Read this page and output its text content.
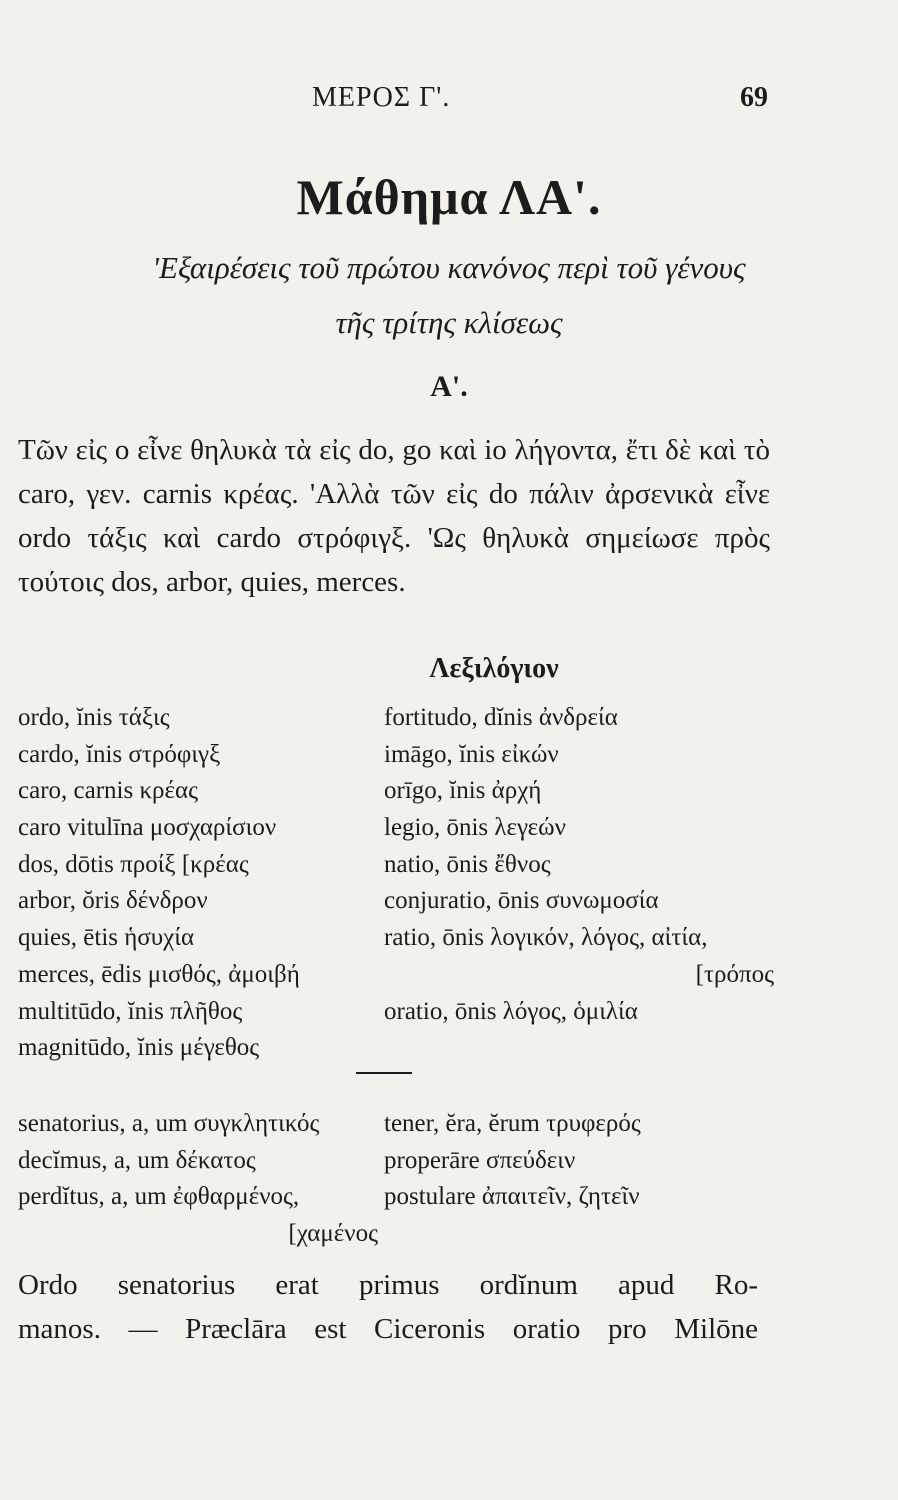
ΜΕΡΟΣ Γ'.	69
Μάθημα ΛΑ'.
'Εξαιρέσεις τοῦ πρώτου κανόνος περὶ τοῦ γένους
τῆς τρίτης κλίσεως
Α'.
Τῶν εἰς o εἶνε θηλυκὰ τὰ εἰς do, go καὶ io λήγοντα, ἔτι δὲ καὶ τὸ caro, γεν. carnis κρέας. 'Αλλὰ τῶν εἰς do πάλιν ἀρσενικὰ εἶνε ordo τάξις καὶ cardo στρόφιγξ. 'Ως θηλυκὰ σημείωσε πρὸς τούτοις dos, arbor, quies, merces.
Λεξιλόγιον
ordo, ĭnis τάξις
cardo, ĭnis στρόφιγξ
caro, carnis κρέας
caro vitulīna μοσχαρίσιον
dos, dōtis προίξ [κρέας
arbor, ŏris δένδρον
quies, ētis ἡσυχία
merces, ēdis μισθός, ἀμοιβή
multitūdo, ĭnis πλῆθος
magnitūdo, ĭnis μέγεθος
fortitudo, dĭnis ἀνδρεία
imāgo, ĭnis εἰκών
orīgo, ĭnis ἀρχή
legio, ōnis λεγεών
natio, ōnis ἔθνος
conjuratio, ōnis συνωμοσία
ratio, ōnis λογικόν, λόγος, αἰτία,
[τρόπος
oratio, ōnis λόγος, ὁμιλία
senatorius, a, um συγκλητικός
decĭmus, a, um δέκατος
perdĭtus, a, um ἐφθαρμένος,
[χαμένος
tener, ĕra, ĕrum τρυφερός
properāre σπεύδειν
postulare ἀπαιτεῖν, ζητεῖν
Ordo senatorius erat primus ordĭnum apud Ro-
manos. — Præclāra est Ciceronis oratio pro Milōne
